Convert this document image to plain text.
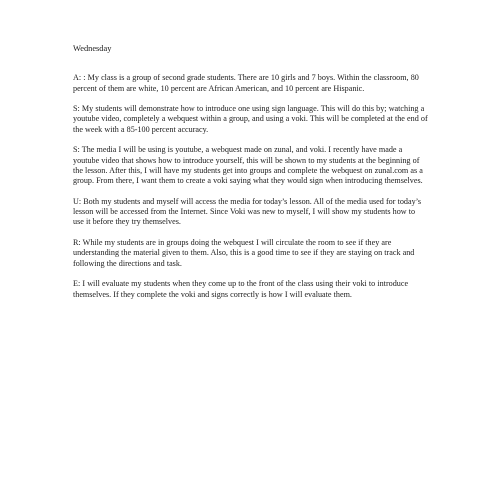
Wednesday

A: : My class is a group of second grade students. There are 10 girls and 7 boys. Within the classroom, 80 percent of them are white, 10 percent are African American, and 10 percent are Hispanic.

S: My students will demonstrate how to introduce one using sign language. This will do this by; watching a youtube video, completely a webquest within a group, and using a voki. This will be completed at the end of the week with a 85-100 percent accuracy.

S: The media I will be using is youtube, a webquest made on zunal, and voki. I recently have made a youtube video that shows how to introduce yourself, this will be shown to my students at the beginning of the lesson. After this, I will have my students get into groups and complete the webquest on zunal.com as a group. From there, I want them to create a voki saying what they would sign when introducing themselves.

U: Both my students and myself will access the media for today’s lesson. All of the media used for today’s lesson will be accessed from the Internet. Since Voki was new to myself, I will show my students how to use it before they try themselves.

R: While my students are in groups doing the webquest I will circulate the room to see if they are understanding the material given to them. Also, this is a good time to see if they are staying on track and following the directions and task.

E: I will evaluate my students when they come up to the front of the class using their voki to introduce themselves. If they complete the voki and signs correctly is how I will evaluate them.
